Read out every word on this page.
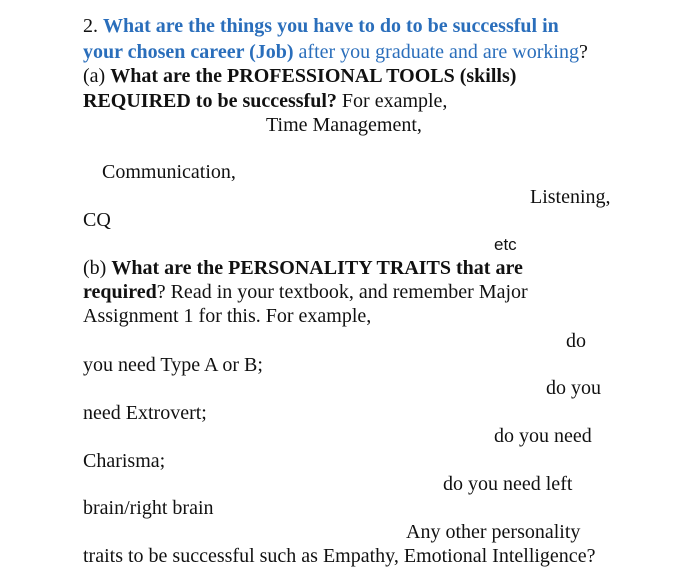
2. What are the things you have to do to be successful in
your chosen career (Job) after you graduate and are working?
(a) What are the PROFESSIONAL TOOLS (skills)
REQUIRED to be successful? For example,
Time Management,
Communication,
Listening,
CQ
etc
(b) What are the PERSONALITY TRAITS that are
required? Read in your textbook, and remember Major
Assignment 1 for this. For example,
do
you need Type A or B;
do you
need Extrovert;
do you need
Charisma;
do you need left
brain/right brain
Any other personality
traits to be successful such as Empathy, Emotional Intelligence?
